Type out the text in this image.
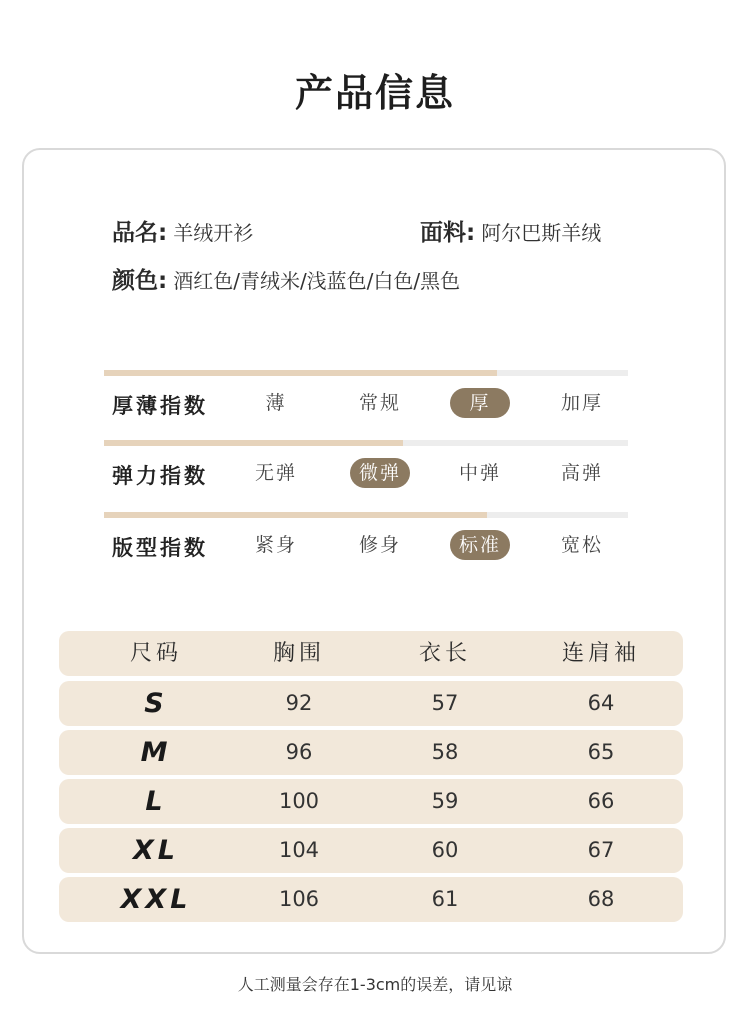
产品信息
品名: 羊绒开衫	面料: 阿尔巴斯羊绒
颜色: 酒红色/青绒米/浅蓝色/白色/黑色
厚薄指数	薄	常规	厚	加厚
弹力指数	无弹	微弹	中弹	高弹
版型指数	紧身	修身	标准	宽松
尺码	胸围	衣长	连肩袖
S	92	57	64
M	96	58	65
L	100	59	66
XL	104	60	67
XXL	106	61	68
人工测量会存在1-3cm的误差，请见谅
